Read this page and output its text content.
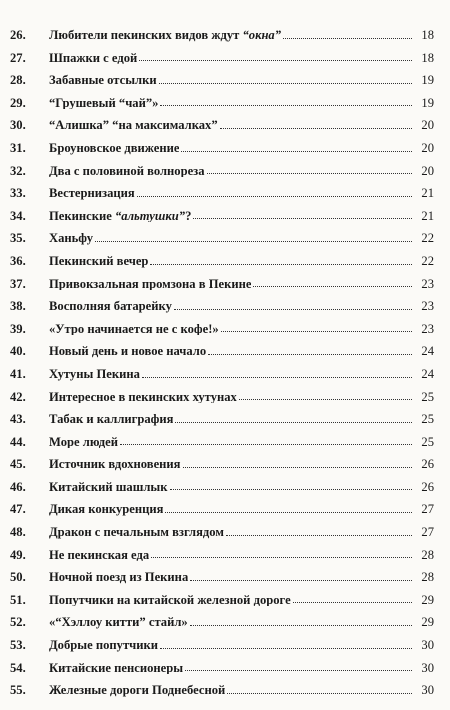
26.	Любители пекинских видов ждут “окна”	18
27.	Шпажки с едой	18
28.	Забавные отсылки	19
29.	“Грушевый “чай”»	19
30.	“Алишка” “на максималках”	20
31.	Броуновское движение	20
32.	Два с половиной волнореза	20
33.	Вестернизация	21
34.	Пекинские “альтушки”?	21
35.	Ханьфу	22
36.	Пекинский вечер	22
37.	Привокзальная промзона в Пекине	23
38.	Восполняя батарейку	23
39.	«Утро начинается не с кофе!»	23
40.	Новый день и новое начало	24
41.	Хутуны Пекина	24
42.	Интересное в пекинских хутунах	25
43.	Табак и каллиграфия	25
44.	Море людей	25
45.	Источник вдохновения	26
46.	Китайский шашлык	26
47.	Дикая конкуренция	27
48.	Дракон с печальным взглядом	27
49.	Не пекинская еда	28
50.	Ночной поезд из Пекина	28
51.	Попутчики на китайской железной дороге	29
52.	«“Хэллоу китти” стайл»	29
53.	Добрые попутчики	30
54.	Китайские пенсионеры	30
55.	Железные дороги Поднебесной	30
